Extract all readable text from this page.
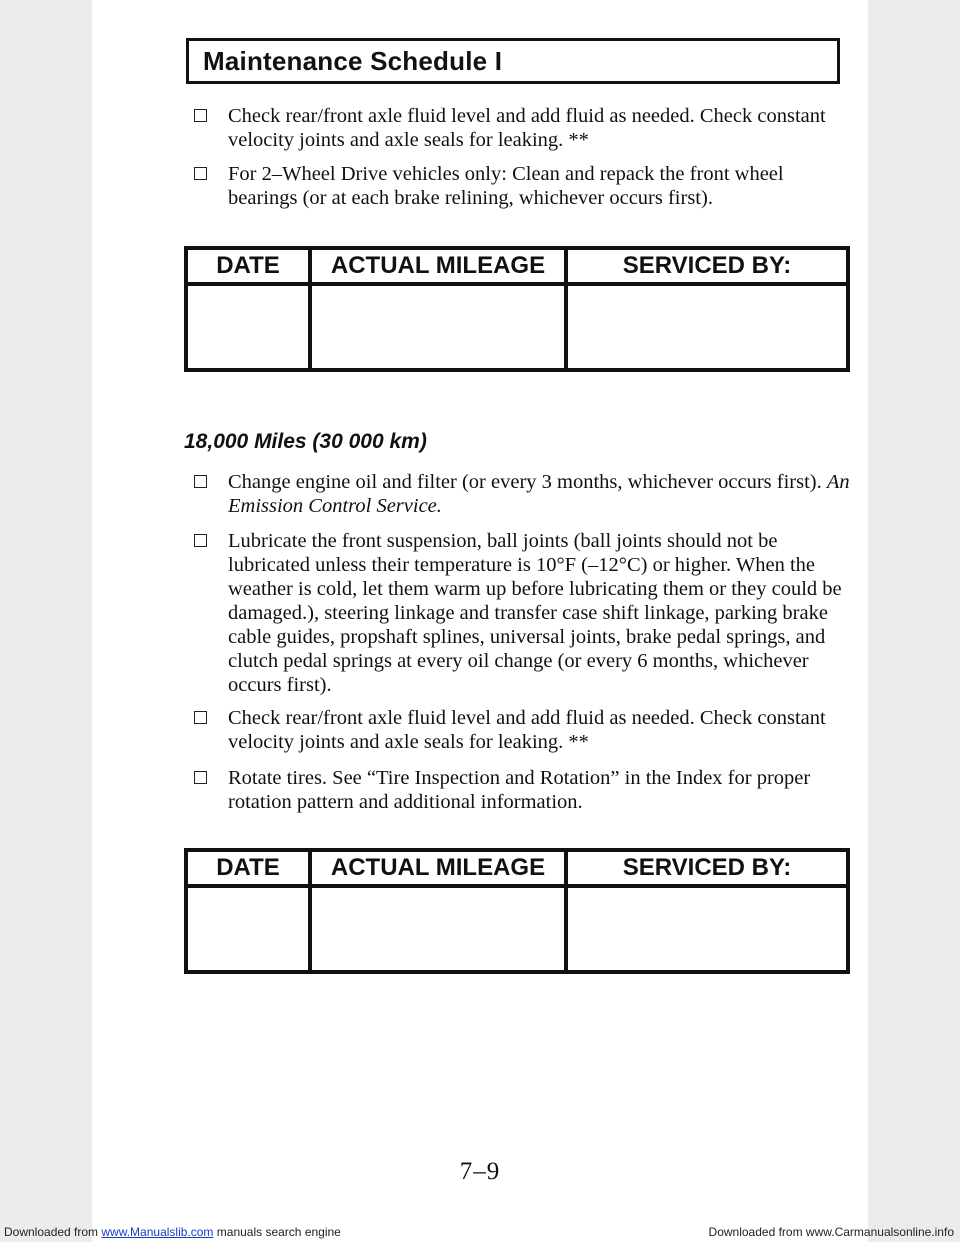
Maintenance Schedule I
Check rear/front axle fluid level and add fluid as needed. Check constant velocity joints and axle seals for leaking. **
For 2–Wheel Drive vehicles only: Clean and repack the front wheel bearings (or at each brake relining, whichever occurs first).
DATE	ACTUAL MILEAGE	SERVICED BY:

18,000 Miles (30 000 km)
Change engine oil and filter (or every 3 months, whichever occurs first). An Emission Control Service.
Lubricate the front suspension, ball joints (ball joints should not be lubricated unless their temperature is 10°F (–12°C) or higher. When the weather is cold, let them warm up before lubricating them or they could be damaged.), steering linkage and transfer case shift linkage, parking brake cable guides, propshaft splines, universal joints, brake pedal springs, and clutch pedal springs at every oil change (or every 6 months, whichever occurs first).
Check rear/front axle fluid level and add fluid as needed. Check constant velocity joints and axle seals for leaking. **
Rotate tires. See “Tire Inspection and Rotation” in the Index for proper rotation pattern and additional information.
DATE	ACTUAL MILEAGE	SERVICED BY:

7–9
Downloaded from www.Manualslib.com manuals search engine	Downloaded from www.Carmanualsonline.info
